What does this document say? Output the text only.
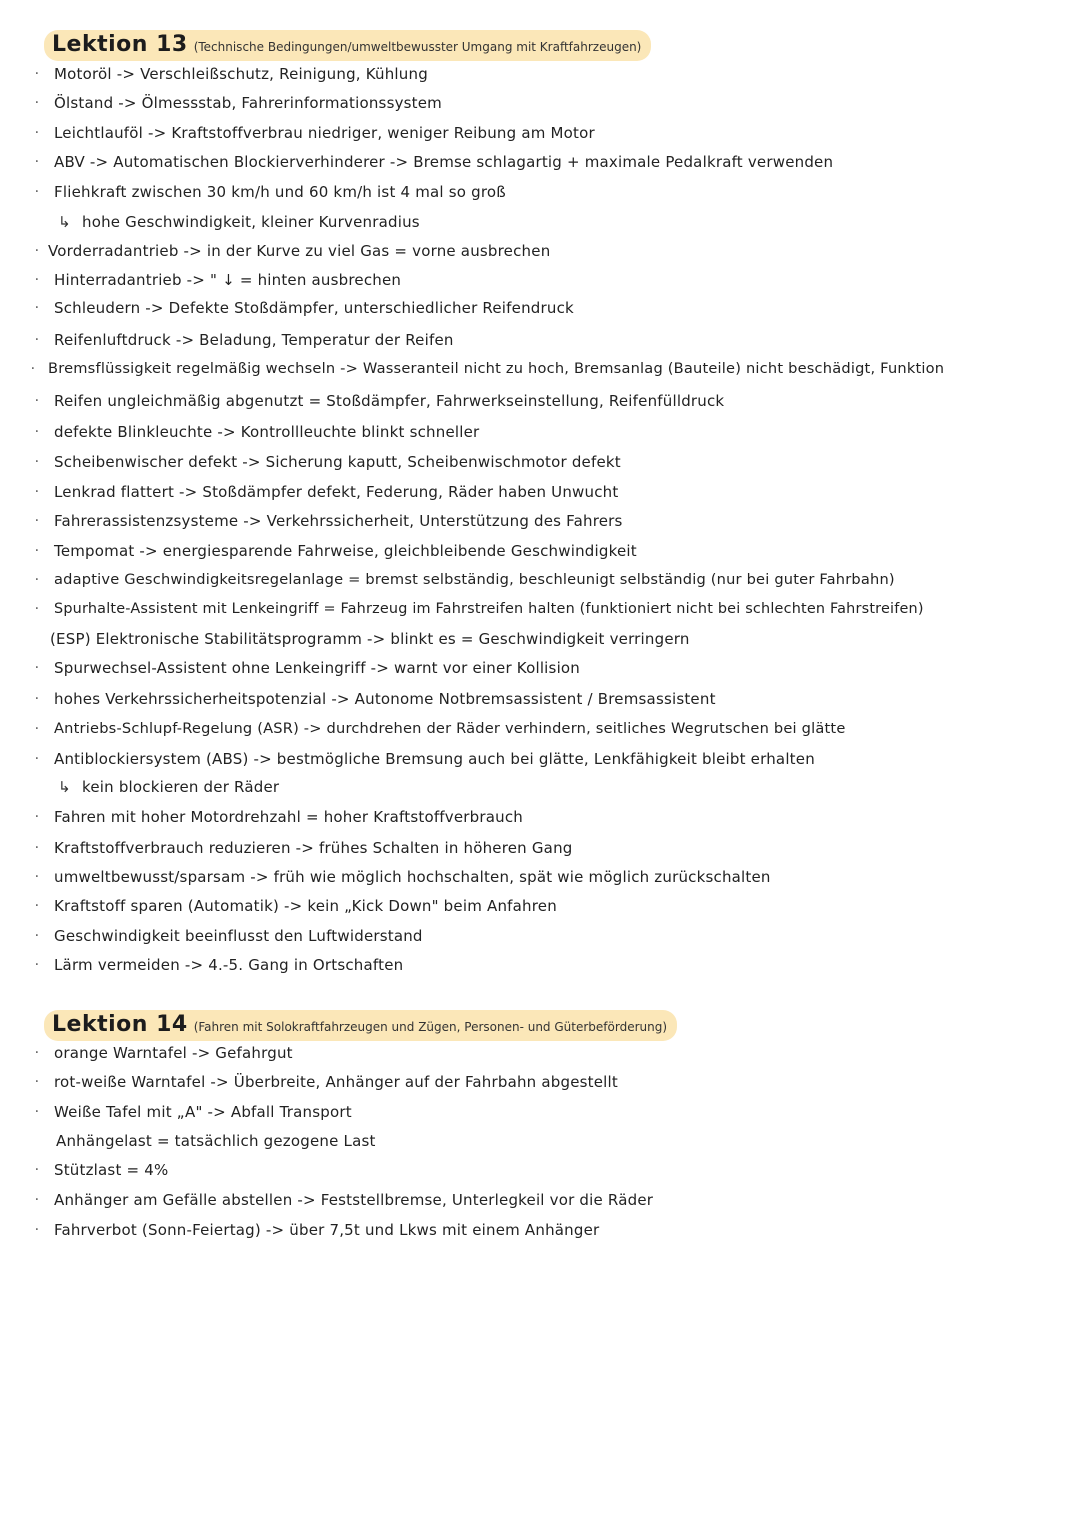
Lektion 13 (Technische Bedingungen/umweltbewusster Umgang mit Kraftfahrzeugen)
· Motoröl -> Verschleißschutz, Reinigung, Kühlung
· Ölstand -> Ölmessstab, Fahrerinformationssystem
· Leichtlauföl -> Kraftstoffverbrau niedriger, weniger Reibung am Motor
· ABV -> Automatischen Blockierverhinderer -> Bremse schlagartig + maximale Pedalkraft verwenden
· Fliehkraft zwischen 30 km/h und 60 km/h ist 4 mal so groß
↳ hohe Geschwindigkeit, kleiner Kurvenradius
· Vorderradantrieb -> in der Kurve zu viel Gas = vorne ausbrechen
· Hinterradantrieb -> " ↓ = hinten ausbrechen
· Schleudern -> Defekte Stoßdämpfer, unterschiedlicher Reifendruck
· Reifenluftdruck -> Beladung, Temperatur der Reifen
· Bremsflüssigkeit regelmäßig wechseln -> Wasseranteil nicht zu hoch, Bremsanlag (Bauteile) nicht beschädigt, Funktion
· Reifen ungleichmäßig abgenutzt = Stoßdämpfer, Fahrwerkseinstellung, Reifenfülldruck
· defekte Blinkleuchte -> Kontrollleuchte blinkt schneller
· Scheibenwischer defekt -> Sicherung kaputt, Scheibenwischmotor defekt
· Lenkrad flattert -> Stoßdämpfer defekt, Federung, Räder haben Unwucht
· Fahrerassistenzsysteme -> Verkehrssicherheit, Unterstützung des Fahrers
· Tempomat -> energiesparende Fahrweise, gleichbleibende Geschwindigkeit
· adaptive Geschwindigkeitsregelanlage = bremst selbständig, beschleunigt selbständig (nur bei guter Fahrbahn)
· Spurhalte-Assistent mit Lenkeingriff = Fahrzeug im Fahrstreifen halten (funktioniert nicht bei schlechten Fahrstreifen)
(ESP) Elektronische Stabilitätsprogramm -> blinkt es = Geschwindigkeit verringern
· Spurwechsel-Assistent ohne Lenkeingriff -> warnt vor einer Kollision
· hohes Verkehrssicherheitspotenzial -> Autonome Notbremsassistent / Bremsassistent
· Antriebs-Schlupf-Regelung (ASR) -> durchdrehen der Räder verhindern, seitliches Wegrutschen bei glätte
· Antiblockiersystem (ABS) -> bestmögliche Bremsung auch bei glätte, Lenkfähigkeit bleibt erhalten
↳ kein blockieren der Räder
· Fahren mit hoher Motordrehzahl = hoher Kraftstoffverbrauch
· Kraftstoffverbrauch reduzieren -> frühes Schalten in höheren Gang
· umweltbewusst/sparsam -> früh wie möglich hochschalten, spät wie möglich zurückschalten
· Kraftstoff sparen (Automatik) -> kein „Kick Down" beim Anfahren
· Geschwindigkeit beeinflusst den Luftwiderstand
· Lärm vermeiden -> 4.-5. Gang in Ortschaften
Lektion 14 (Fahren mit Solokraftfahrzeugen und Zügen, Personen- und Güterbeförderung)
· orange Warntafel -> Gefahrgut
· rot-weiße Warntafel -> Überbreite, Anhänger auf der Fahrbahn abgestellt
· Weiße Tafel mit „A" -> Abfall Transport
Anhängelast = tatsächlich gezogene Last
· Stützlast = 4%
· Anhänger am Gefälle abstellen -> Feststellbremse, Unterlegkeil vor die Räder
· Fahrverbot (Sonn-Feiertag) -> über 7,5t und Lkws mit einem Anhänger
